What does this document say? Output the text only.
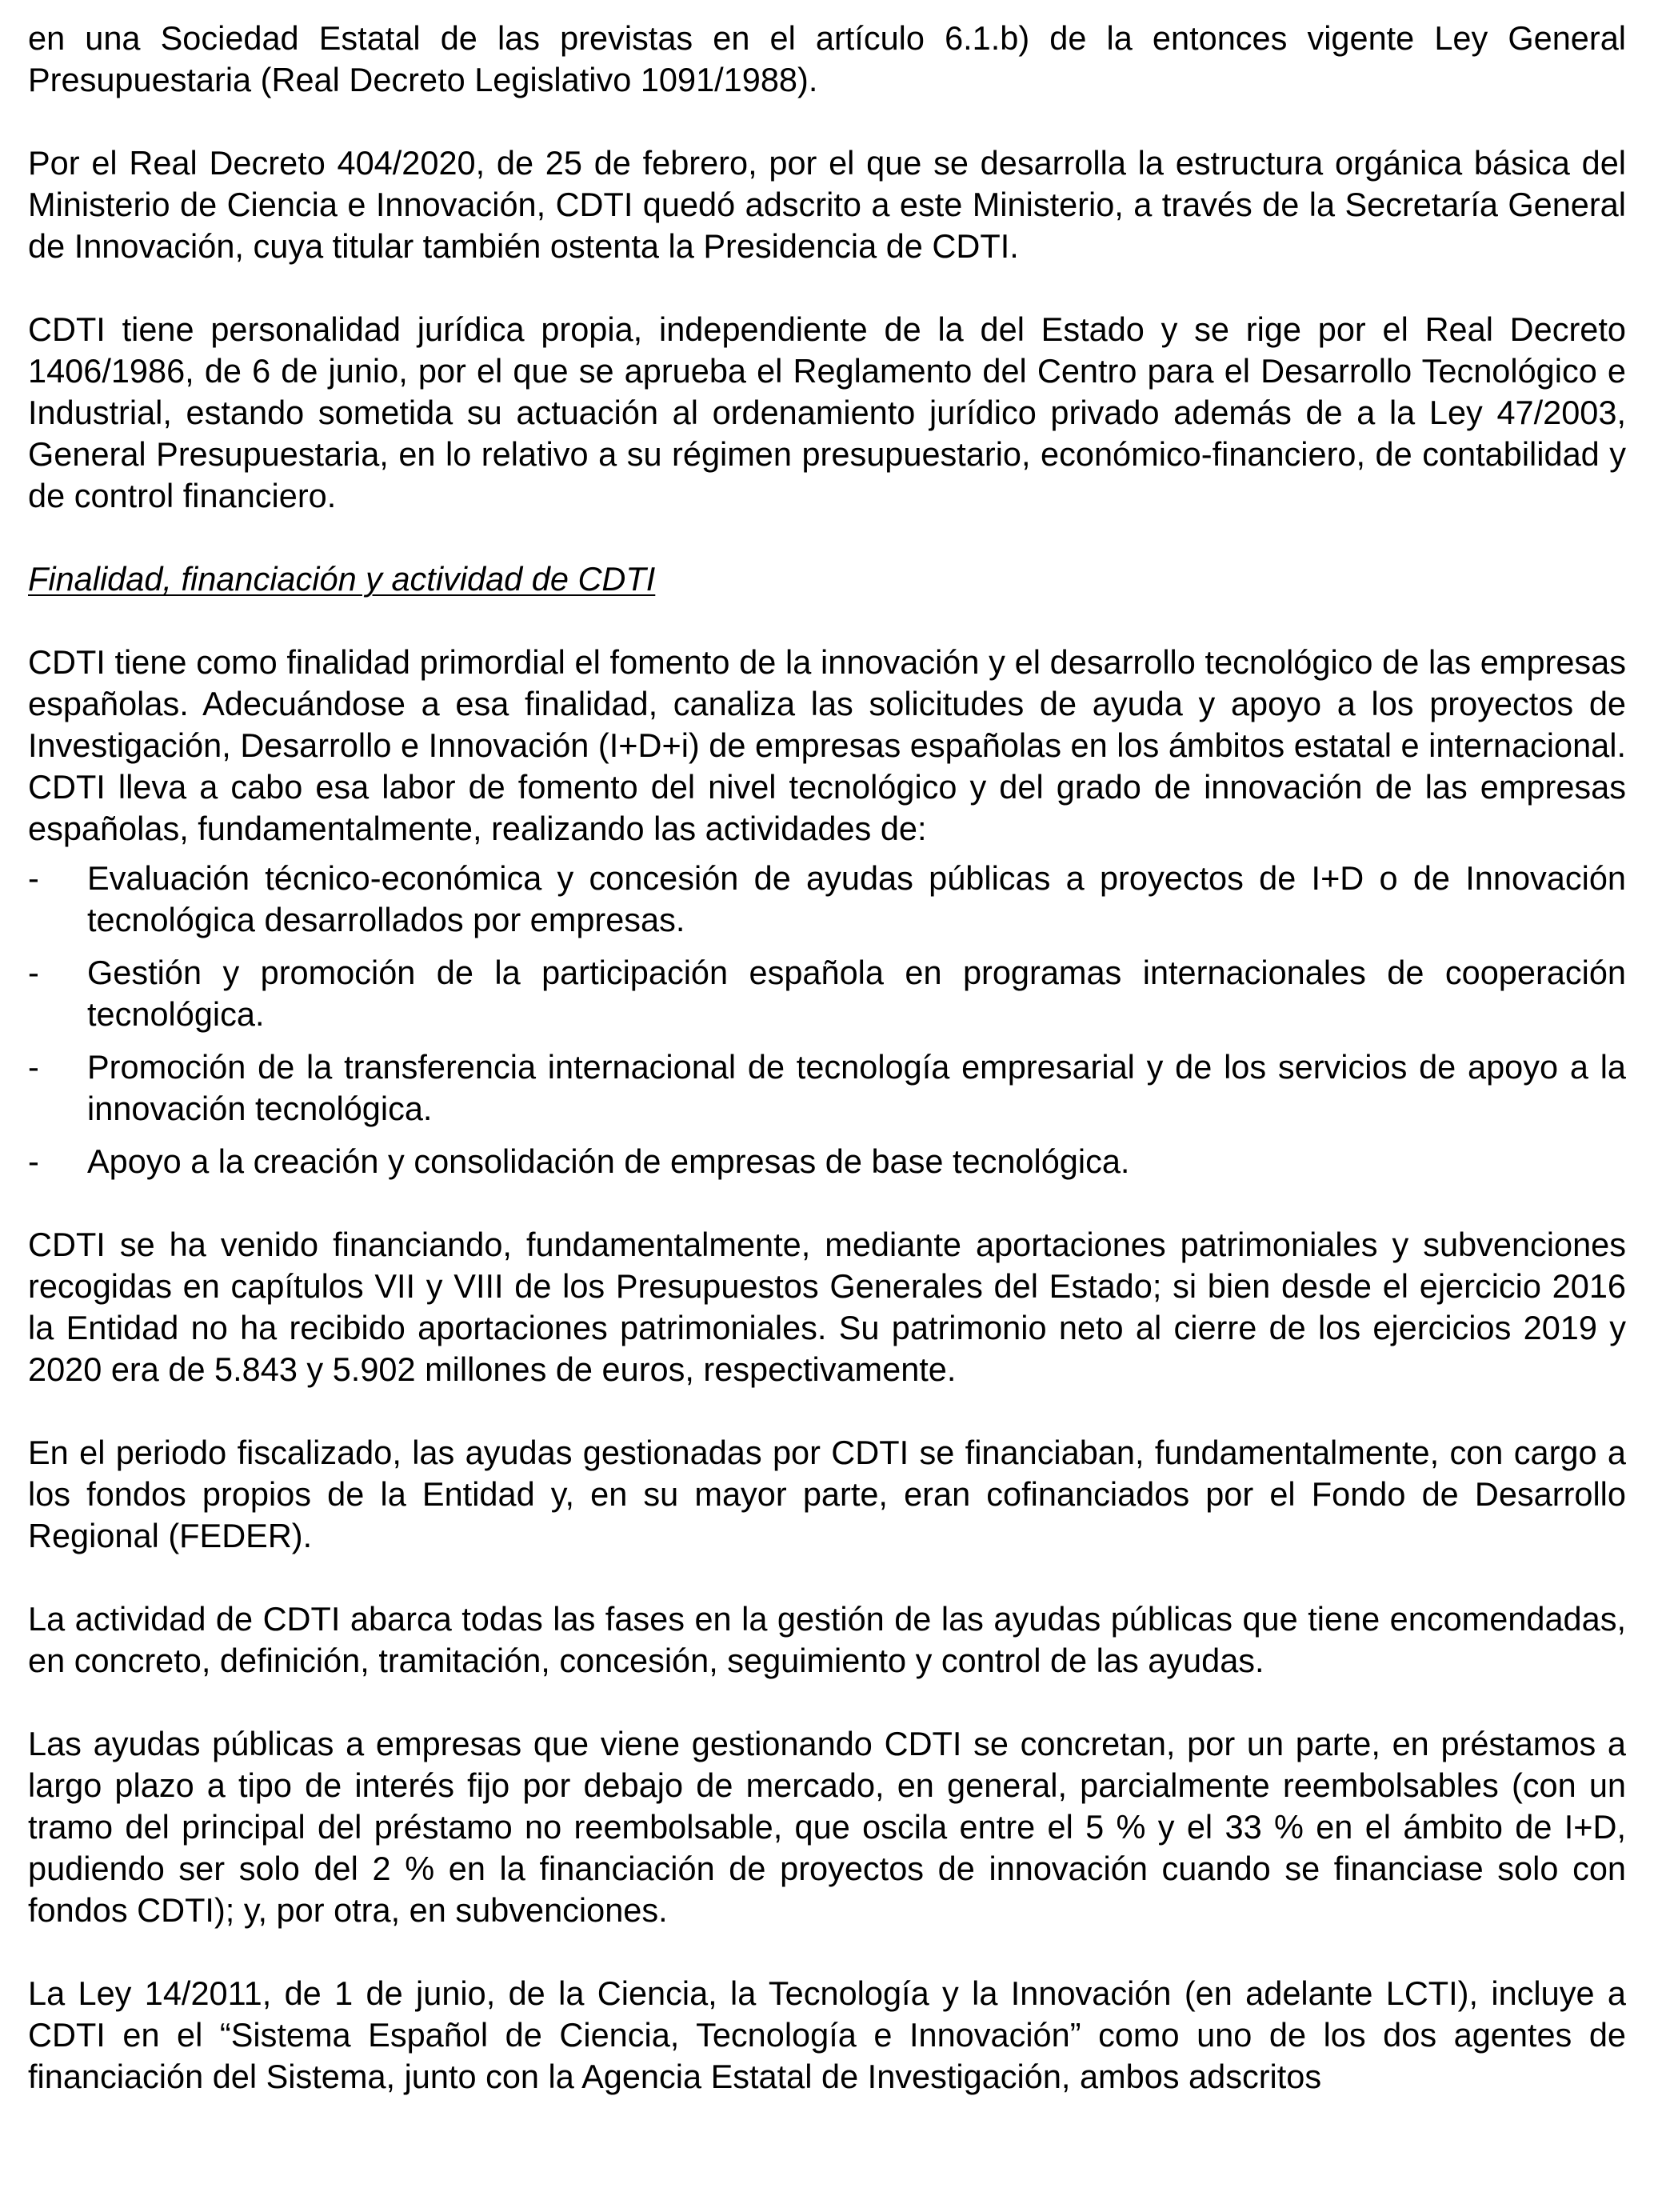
en una Sociedad Estatal de las previstas en el artículo 6.1.b) de la entonces vigente Ley General Presupuestaria (Real Decreto Legislativo 1091/1988).

Por el Real Decreto 404/2020, de 25 de febrero, por el que se desarrolla la estructura orgánica básica del Ministerio de Ciencia e Innovación, CDTI quedó adscrito a este Ministerio, a través de la Secretaría General de Innovación, cuya titular también ostenta la Presidencia de CDTI.

CDTI tiene personalidad jurídica propia, independiente de la del Estado y se rige por el Real Decreto 1406/1986, de 6 de junio, por el que se aprueba el Reglamento del Centro para el Desarrollo Tecnológico e Industrial, estando sometida su actuación al ordenamiento jurídico privado además de a la Ley 47/2003, General Presupuestaria, en lo relativo a su régimen presupuestario, económico-financiero, de contabilidad y de control financiero.

Finalidad, financiación y actividad de CDTI

CDTI tiene como finalidad primordial el fomento de la innovación y el desarrollo tecnológico de las empresas españolas. Adecuándose a esa finalidad, canaliza las solicitudes de ayuda y apoyo a los proyectos de Investigación, Desarrollo e Innovación (I+D+i) de empresas españolas en los ámbitos estatal e internacional. CDTI lleva a cabo esa labor de fomento del nivel tecnológico y del grado de innovación de las empresas españolas, fundamentalmente, realizando las actividades de:

- Evaluación técnico-económica y concesión de ayudas públicas a proyectos de I+D o de Innovación tecnológica desarrollados por empresas.
- Gestión y promoción de la participación española en programas internacionales de cooperación tecnológica.
- Promoción de la transferencia internacional de tecnología empresarial y de los servicios de apoyo a la innovación tecnológica.
- Apoyo a la creación y consolidación de empresas de base tecnológica.

CDTI se ha venido financiando, fundamentalmente, mediante aportaciones patrimoniales y subvenciones recogidas en capítulos VII y VIII de los Presupuestos Generales del Estado; si bien desde el ejercicio 2016 la Entidad no ha recibido aportaciones patrimoniales. Su patrimonio neto al cierre de los ejercicios 2019 y 2020 era de 5.843 y 5.902 millones de euros, respectivamente.

En el periodo fiscalizado, las ayudas gestionadas por CDTI se financiaban, fundamentalmente, con cargo a los fondos propios de la Entidad y, en su mayor parte, eran cofinanciados por el Fondo de Desarrollo Regional (FEDER).

La actividad de CDTI abarca todas las fases en la gestión de las ayudas públicas que tiene encomendadas, en concreto, definición, tramitación, concesión, seguimiento y control de las ayudas.

Las ayudas públicas a empresas que viene gestionando CDTI se concretan, por un parte, en préstamos a largo plazo a tipo de interés fijo por debajo de mercado, en general, parcialmente reembolsables (con un tramo del principal del préstamo no reembolsable, que oscila entre el 5 % y el 33 % en el ámbito de I+D, pudiendo ser solo del 2 % en la financiación de proyectos de innovación cuando se financiase solo con fondos CDTI); y, por otra, en subvenciones.

La Ley 14/2011, de 1 de junio, de la Ciencia, la Tecnología y la Innovación (en adelante LCTI), incluye a CDTI en el “Sistema Español de Ciencia, Tecnología e Innovación” como uno de los dos agentes de financiación del Sistema, junto con la Agencia Estatal de Investigación, ambos adscritos
